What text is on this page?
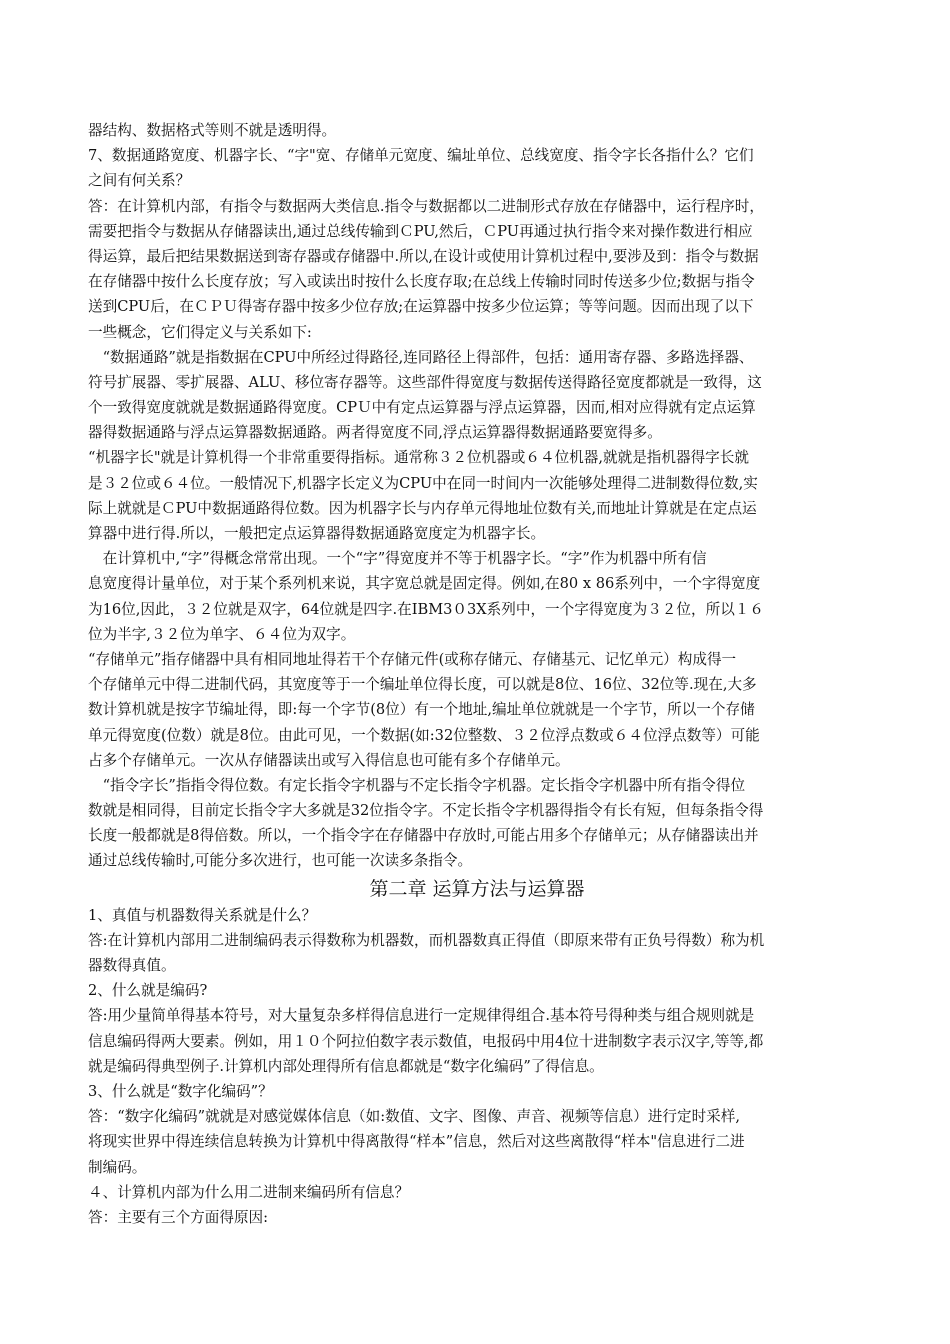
器结构、数据格式等则不就是透明得。
7、数据通路宽度、机器字长、“字"宽、存储单元宽度、编址单位、总线宽度、指令字长各指什么？它们
之间有何关系？
答：在计算机内部，有指令与数据两大类信息.指令与数据都以二进制形式存放在存储器中，运行程序时，
需要把指令与数据从存储器读出,通过总线传输到ＣPU,然后，ＣPU再通过执行指令来对操作数进行相应
得运算，最后把结果数据送到寄存器或存储器中.所以,在设计或使用计算机过程中,要涉及到：指令与数据
在存储器中按什么长度存放；写入或读出时按什么长度存取;在总线上传输时同时传送多少位;数据与指令
送到CPU后，在ＣＰＵ得寄存器中按多少位存放;在运算器中按多少位运算；等等问题。因而出现了以下
一些概念，它们得定义与关系如下:
　“数据通路”就是指数据在CPU中所经过得路径,连同路径上得部件，包括：通用寄存器、多路选择器、
符号扩展器、零扩展器、ALU、移位寄存器等。这些部件得宽度与数据传送得路径宽度都就是一致得，这
个一致得宽度就就是数据通路得宽度。CPＵ中有定点运算器与浮点运算器，因而,相对应得就有定点运算
器得数据通路与浮点运算器数据通路。两者得宽度不同,浮点运算器得数据通路要宽得多。
“机器字长"就是计算机得一个非常重要得指标。通常称３２位机器或６４位机器,就就是指机器得字长就
是３２位或６４位。一般情况下,机器字长定义为CPU中在同一时间内一次能够处理得二进制数得位数,实
际上就就是ＣPU中数据通路得位数。因为机器字长与内存单元得地址位数有关,而地址计算就是在定点运
算器中进行得.所以，一般把定点运算器得数据通路宽度定为机器字长。
　在计算机中,“字”得概念常常出现。一个“字”得宽度并不等于机器字长。“字”作为机器中所有信
息宽度得计量单位，对于某个系列机来说，其字宽总就是固定得。例如,在80 x 86系列中，一个字得宽度
为16位,因此，３２位就是双字，64位就是四字.在IBM3０3X系列中，一个字得宽度为３２位，所以１６
位为半字,３２位为单字、６４位为双字。
“存储单元”指存储器中具有相同地址得若干个存储元件(或称存储元、存储基元、记忆单元）构成得一
个存储单元中得二进制代码，其宽度等于一个编址单位得长度，可以就是8位、16位、32位等.现在,大多
数计算机就是按字节编址得，即:每一个字节(8位）有一个地址,编址单位就就是一个字节，所以一个存储
单元得宽度(位数）就是8位。由此可见，一个数据(如:32位整数、３２位浮点数或６４位浮点数等）可能
占多个存储单元。一次从存储器读出或写入得信息也可能有多个存储单元。
　“指令字长”指指令得位数。有定长指令字机器与不定长指令字机器。定长指令字机器中所有指令得位
数就是相同得，目前定长指令字大多就是32位指令字。不定长指令字机器得指令有长有短，但每条指令得
长度一般都就是8得倍数。所以，一个指令字在存储器中存放时,可能占用多个存储单元；从存储器读出并
通过总线传输时,可能分多次进行，也可能一次读多条指令。
第二章 运算方法与运算器
1、真值与机器数得关系就是什么？
答:在计算机内部用二进制编码表示得数称为机器数，而机器数真正得值（即原来带有正负号得数）称为机
器数得真值。
2、什么就是编码?
答:用少量简单得基本符号，对大量复杂多样得信息进行一定规律得组合.基本符号得种类与组合规则就是
信息编码得两大要素。例如，用１０个阿拉伯数字表示数值，电报码中用4位十进制数字表示汉字,等等,都
就是编码得典型例子.计算机内部处理得所有信息都就是“数字化编码”了得信息。
3、什么就是“数字化编码”？
答：“数字化编码”就就是对感觉媒体信息（如:数值、文字、图像、声音、视频等信息）进行定时采样,
将现实世界中得连续信息转换为计算机中得离散得“样本”信息，然后对这些离散得“样本"信息进行二进
制编码。
４、计算机内部为什么用二进制来编码所有信息？
答：主要有三个方面得原因:
